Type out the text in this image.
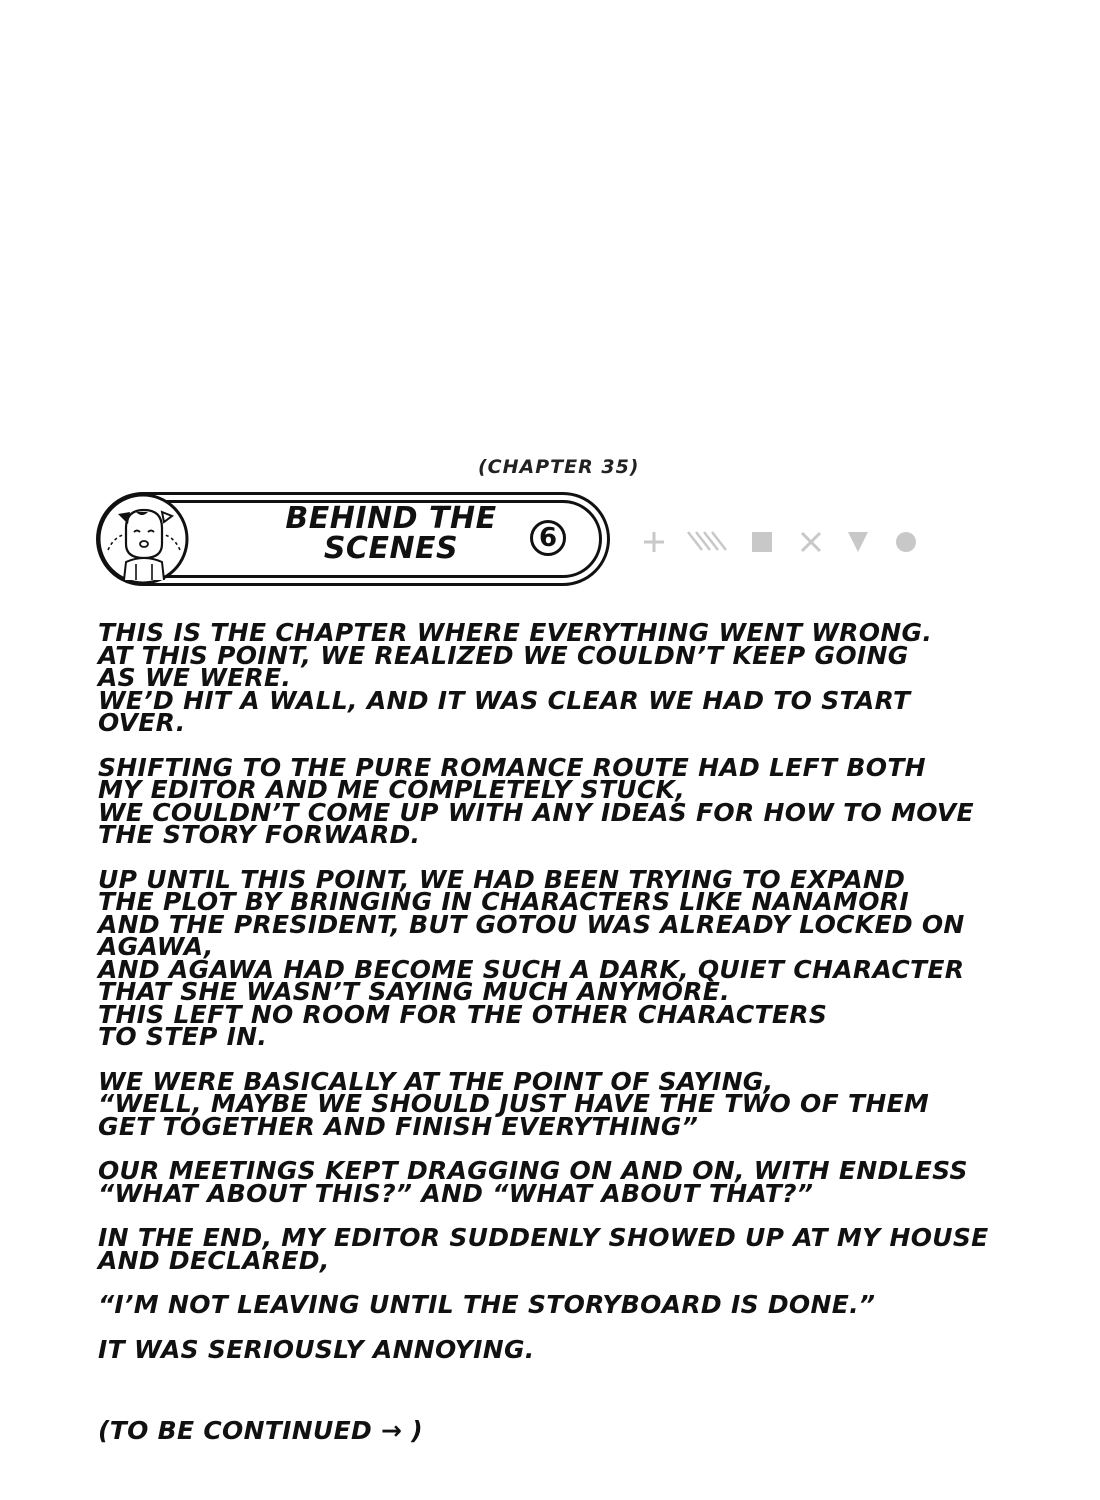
(CHAPTER 35)
BEHIND THE
SCENES	6

THIS IS THE CHAPTER WHERE EVERYTHING WENT WRONG.
AT THIS POINT, WE REALIZED WE COULDN’T KEEP GOING
AS WE WERE.
WE’D HIT A WALL, AND IT WAS CLEAR WE HAD TO START OVER.

SHIFTING TO THE PURE ROMANCE ROUTE HAD LEFT BOTH
MY EDITOR AND ME COMPLETELY STUCK,
WE COULDN’T COME UP WITH ANY IDEAS FOR HOW TO MOVE
THE STORY FORWARD.

UP UNTIL THIS POINT, WE HAD BEEN TRYING TO EXPAND
THE PLOT BY BRINGING IN CHARACTERS LIKE NANAMORI
AND THE PRESIDENT, BUT GOTOU WAS ALREADY LOCKED ON
AGAWA,
AND AGAWA HAD BECOME SUCH A DARK, QUIET CHARACTER
THAT SHE WASN’T SAYING MUCH ANYMORE.
THIS LEFT NO ROOM FOR THE OTHER CHARACTERS
TO STEP IN.

WE WERE BASICALLY AT THE POINT OF SAYING,
“WELL, MAYBE WE SHOULD JUST HAVE THE TWO OF THEM
GET TOGETHER AND FINISH EVERYTHING”

OUR MEETINGS KEPT DRAGGING ON AND ON, WITH ENDLESS
“WHAT ABOUT THIS?” AND “WHAT ABOUT THAT?”

IN THE END, MY EDITOR SUDDENLY SHOWED UP AT MY HOUSE
AND DECLARED,

“I’M NOT LEAVING UNTIL THE STORYBOARD IS DONE.”

IT WAS SERIOUSLY ANNOYING.

(TO BE CONTINUED → )
